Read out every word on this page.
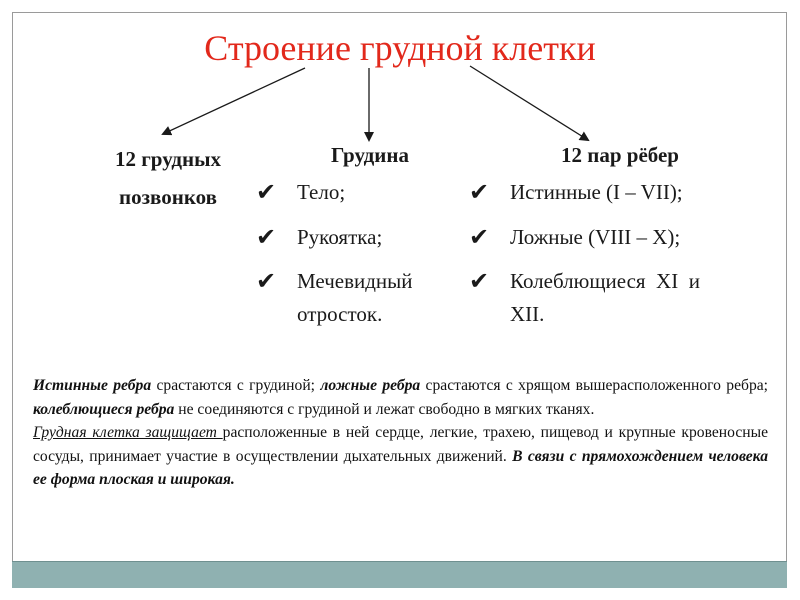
Строение грудной клетки
12 грудных
позвонков
Грудина
✔ Тело;
✔ Рукоятка;
✔ Мечевидный
отросток.
12 пар рёбер
✔ Истинные (I – VII);
✔ Ложные (VIII – X);
✔ Колеблющиеся  XI  и
XII.

Истинные ребра срастаются с грудиной; ложные ребра срастаются с хрящом вышерасположенного ребра; колеблющиеся ребра не соединяются с грудиной и лежат свободно в мягких тканях.

Грудная клетка защищает расположенные в ней сердце, легкие, трахею, пищевод и крупные кровеносные сосуды, принимает участие в осуществлении дыхательных движений. В связи с прямохождением человека ее форма плоская и широкая.
